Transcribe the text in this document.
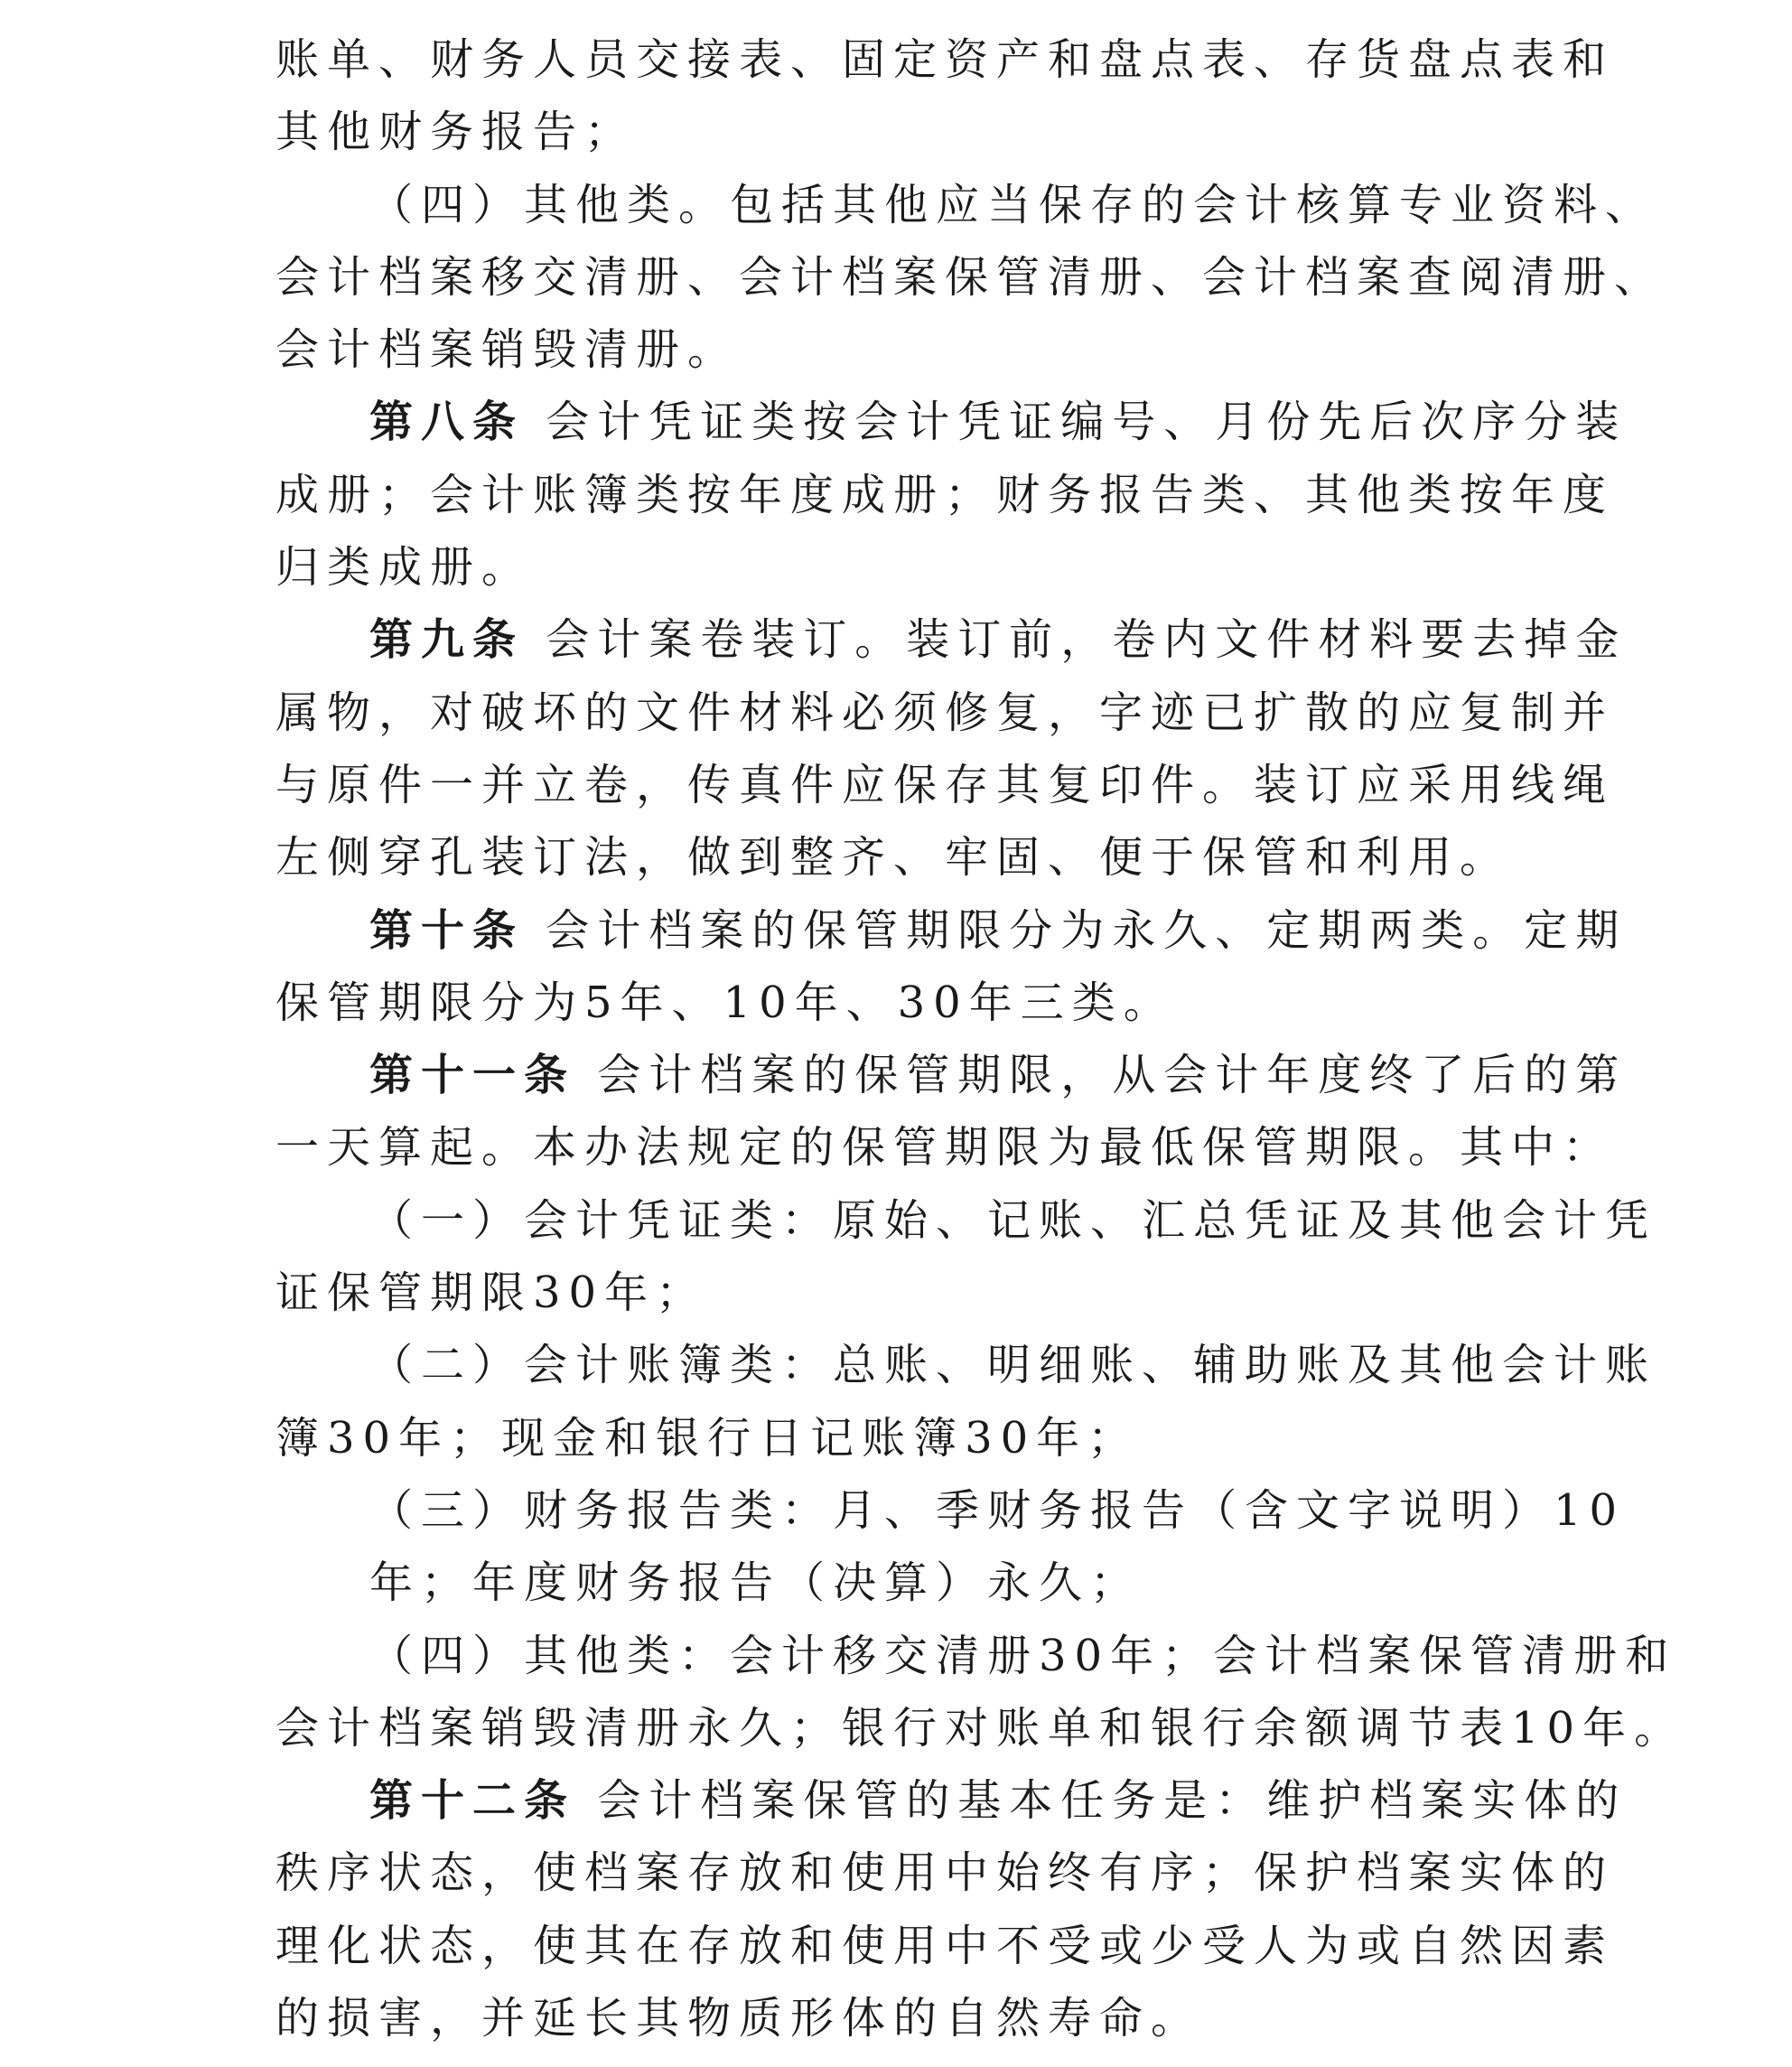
账单、财务人员交接表、固定资产和盘点表、存货盘点表和
其他财务报告；
（四）其他类。包括其他应当保存的会计核算专业资料、
会计档案移交清册、会计档案保管清册、会计档案查阅清册、
会计档案销毁清册。
第八条 会计凭证类按会计凭证编号、月份先后次序分装
成册；会计账簿类按年度成册；财务报告类、其他类按年度
归类成册。
第九条 会计案卷装订。装订前，卷内文件材料要去掉金
属物，对破坏的文件材料必须修复，字迹已扩散的应复制并
与原件一并立卷，传真件应保存其复印件。装订应采用线绳
左侧穿孔装订法，做到整齐、牢固、便于保管和利用。
第十条 会计档案的保管期限分为永久、定期两类。定期
保管期限分为5年、10年、30年三类。
第十一条 会计档案的保管期限，从会计年度终了后的第
一天算起。本办法规定的保管期限为最低保管期限。其中：
（一）会计凭证类：原始、记账、汇总凭证及其他会计凭
证保管期限30年；
（二）会计账簿类：总账、明细账、辅助账及其他会计账
簿30年；现金和银行日记账簿30年；
（三）财务报告类：月、季财务报告（含文字说明）10
年；年度财务报告（决算）永久；
（四）其他类：会计移交清册30年；会计档案保管清册和
会计档案销毁清册永久；银行对账单和银行余额调节表10年。
第十二条 会计档案保管的基本任务是：维护档案实体的
秩序状态，使档案存放和使用中始终有序；保护档案实体的
理化状态，使其在存放和使用中不受或少受人为或自然因素
的损害，并延长其物质形体的自然寿命。
